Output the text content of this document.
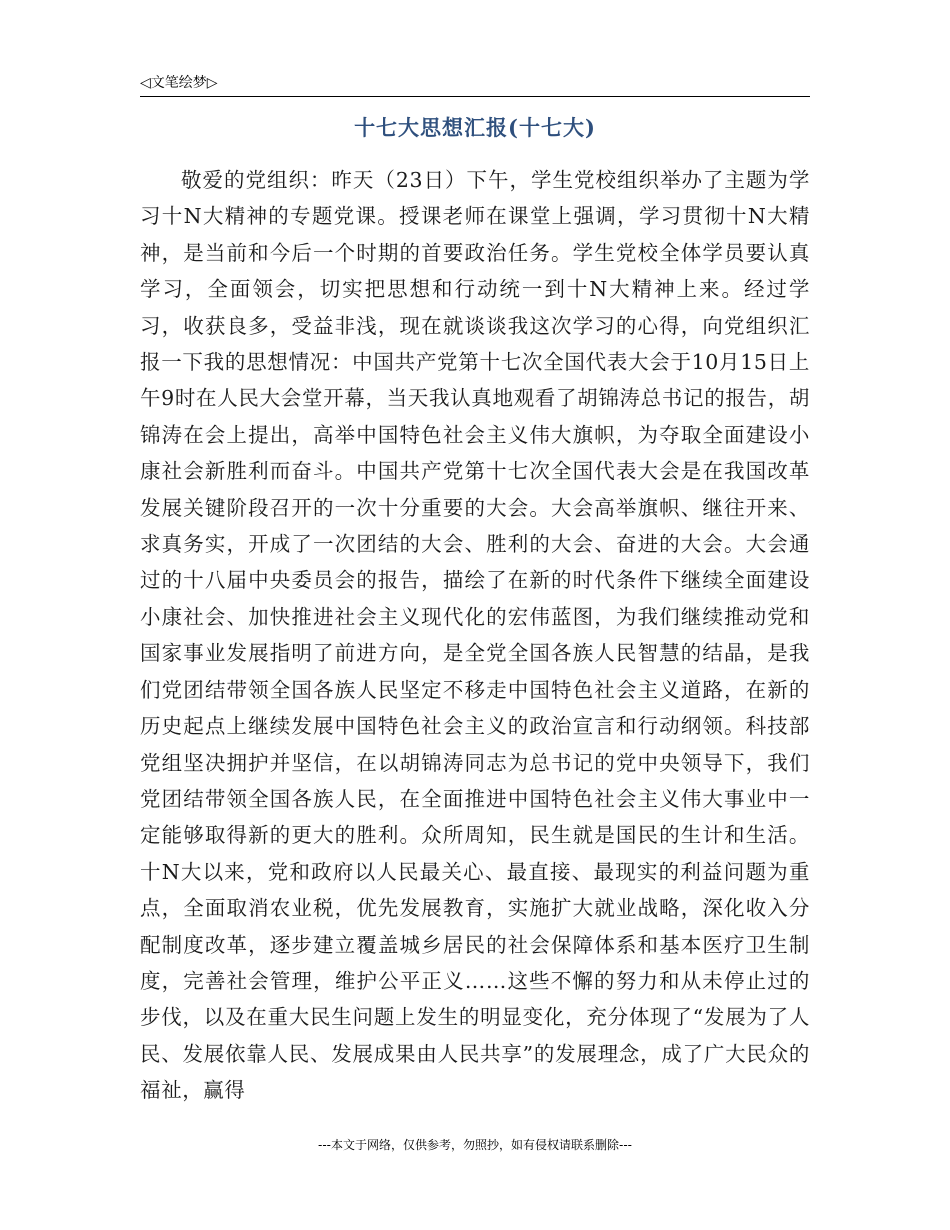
◁文笔绘梦▷
十七大思想汇报(十七大)

敬爱的党组织：昨天（23日）下午，学生党校组织举办了主题为学习十N大精神的专题党课。授课老师在课堂上强调，学习贯彻十N大精神，是当前和今后一个时期的首要政治任务。学生党校全体学员要认真学习，全面领会，切实把思想和行动统一到十N大精神上来。经过学习，收获良多，受益非浅，现在就谈谈我这次学习的心得，向党组织汇报一下我的思想情况：中国共产党第十七次全国代表大会于10月15日上午9时在人民大会堂开幕，当天我认真地观看了胡锦涛总书记的报告，胡锦涛在会上提出，高举中国特色社会主义伟大旗帜，为夺取全面建设小康社会新胜利而奋斗。中国共产党第十七次全国代表大会是在我国改革发展关键阶段召开的一次十分重要的大会。大会高举旗帜、继往开来、求真务实，开成了一次团结的大会、胜利的大会、奋进的大会。大会通过的十八届中央委员会的报告，描绘了在新的时代条件下继续全面建设小康社会、加快推进社会主义现代化的宏伟蓝图，为我们继续推动党和国家事业发展指明了前进方向，是全党全国各族人民智慧的结晶，是我们党团结带领全国各族人民坚定不移走中国特色社会主义道路，在新的历史起点上继续发展中国特色社会主义的政治宣言和行动纲领。科技部党组坚决拥护并坚信，在以胡锦涛同志为总书记的党中央领导下，我们党团结带领全国各族人民，在全面推进中国特色社会主义伟大事业中一定能够取得新的更大的胜利。众所周知，民生就是国民的生计和生活。十N大以来，党和政府以人民最关心、最直接、最现实的利益问题为重点，全面取消农业税，优先发展教育，实施扩大就业战略，深化收入分配制度改革，逐步建立覆盖城乡居民的社会保障体系和基本医疗卫生制度，完善社会管理，维护公平正义……这些不懈的努力和从未停止过的步伐，以及在重大民生问题上发生的明显变化，充分体现了“发展为了人民、发展依靠人民、发展成果由人民共享”的发展理念，成了广大民众的福祉，赢得

---本文于网络，仅供参考，勿照抄，如有侵权请联系删除---
